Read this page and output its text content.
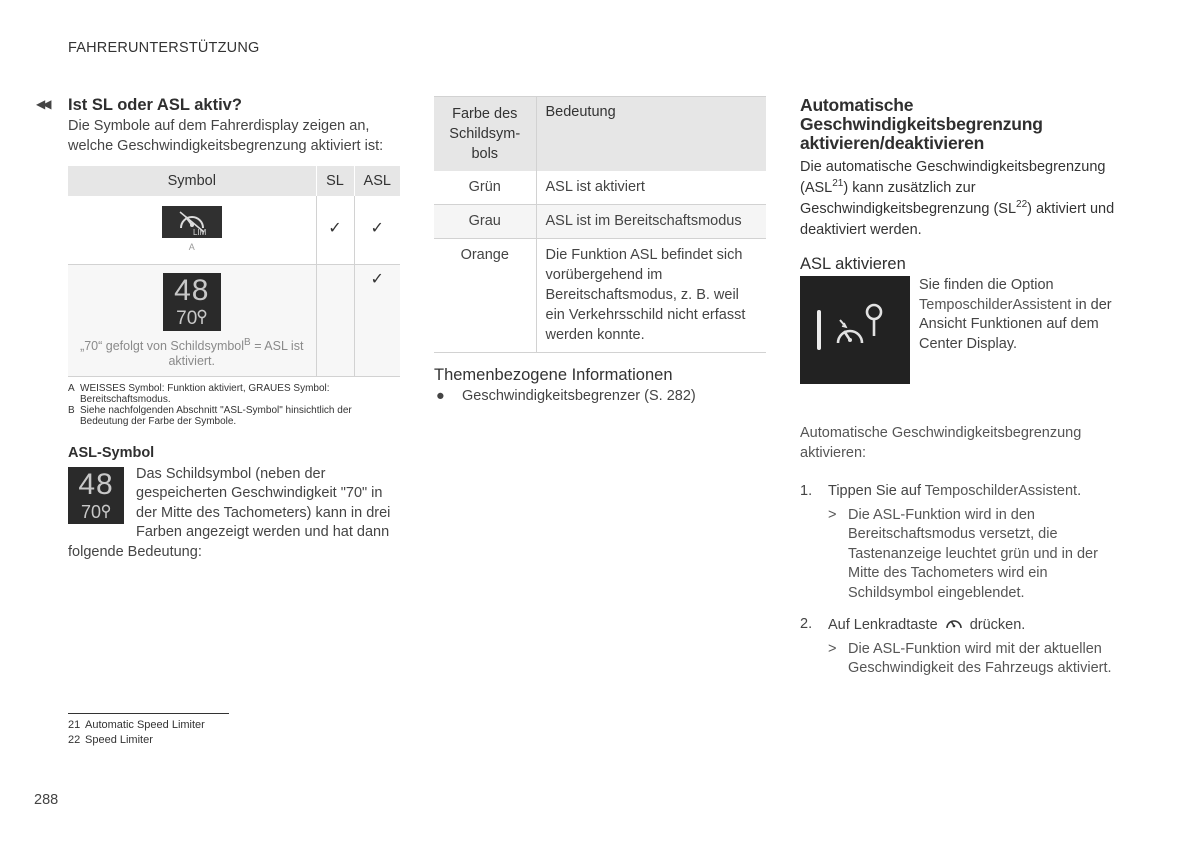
FAHRERUNTERSTÜTZUNG
◀◀ Ist SL oder ASL aktiv?
Die Symbole auf dem Fahrerdisplay zeigen an, welche Geschwindigkeitsbegrenzung aktiviert ist:
Symbol	SL	ASL

LIM
A	✓	✓

48
70
„70“ gefolgt von Schildsymbol$^B$ = ASL ist aktiviert.		✓
A WEISSES Symbol: Funktion aktiviert, GRAUES Symbol: Bereitschaftsmodus.
B Siehe nachfolgenden Abschnitt "ASL-Symbol" hinsichtlich der Bedeutung der Farbe der Symbole.
ASL-Symbol
48
70
Das Schildsymbol (neben der gespeicherten Geschwindigkeit "70" in der Mitte des Tachometers) kann in drei Farben angezeigt werden und hat dann folgende Bedeutung:
Farbe des Schildsymbols	Bedeutung
Grün	ASL ist aktiviert
Grau	ASL ist im Bereitschaftsmodus
Orange	Die Funktion ASL befindet sich vorübergehend im Bereitschaftsmodus, z. B. weil ein Verkehrsschild nicht erfasst werden konnte.
Themenbezogene Informationen
●	Geschwindigkeitsbegrenzer (S. 282)
Automatische Geschwindigkeitsbegrenzung aktivieren/deaktivieren
Die automatische Geschwindigkeitsbegrenzung (ASL$^{21}$) kann zusätzlich zur Geschwindigkeitsbegrenzung (SL$^{22}$) aktiviert und deaktiviert werden.
ASL aktivieren
Sie finden die Option TemposchilderAssistent in der Ansicht Funktionen auf dem Center Display.
Automatische Geschwindigkeitsbegrenzung aktivieren:
1.	Tippen Sie auf TemposchilderAssistent.
> Die ASL-Funktion wird in den Bereitschaftsmodus versetzt, die Tastenanzeige leuchtet grün und in der Mitte des Tachometers wird ein Schildsymbol eingeblendet.
2.	Auf Lenkradtaste  drücken.
> Die ASL-Funktion wird mit der aktuellen Geschwindigkeit des Fahrzeugs aktiviert.
21 Automatic Speed Limiter
22 Speed Limiter
288
